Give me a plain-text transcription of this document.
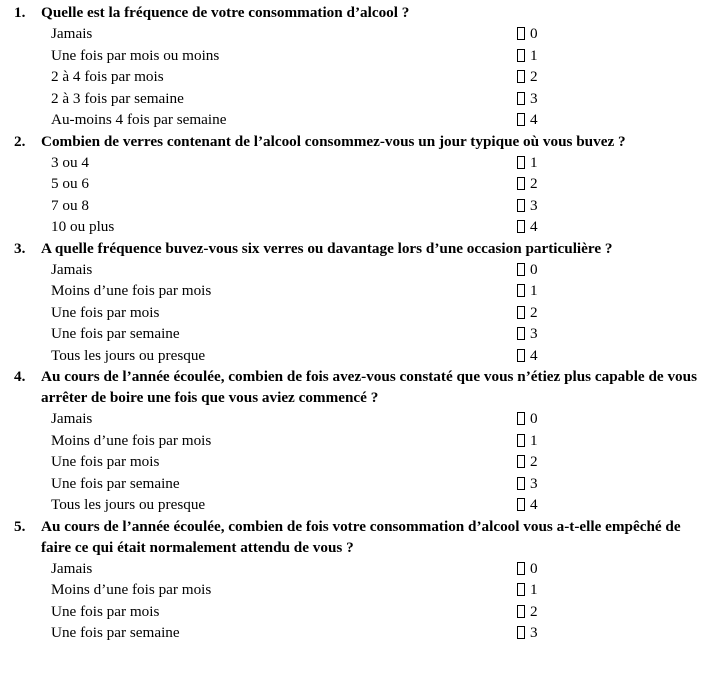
1.	Quelle est la fréquence de votre consommation d’alcool ?
Jamais	0
Une fois par mois ou moins	1
2 à 4 fois par mois	2
2 à 3 fois par semaine	3
Au-moins 4 fois par semaine	4
2.	Combien de verres contenant de l’alcool consommez-vous un jour typique où vous buvez ?
3 ou 4	1
5 ou 6	2
7 ou 8	3
10 ou plus	4
3.	A quelle fréquence buvez-vous six verres ou davantage lors d’une occasion particulière ?
Jamais	0
Moins d’une fois par mois	1
Une fois par mois	2
Une fois par semaine	3
Tous les jours ou presque	4
4.	Au cours de l’année écoulée, combien de fois avez-vous constaté que vous n’étiez plus capable de vous arrêter de boire une fois que vous aviez commencé ?
Jamais	0
Moins d’une fois par mois	1
Une fois par mois	2
Une fois par semaine	3
Tous les jours ou presque	4
5.	Au cours de l’année écoulée, combien de fois votre consommation d’alcool vous a-t-elle empêché de faire ce qui était normalement attendu de vous ?
Jamais	0
Moins d’une fois par mois	1
Une fois par mois	2
Une fois par semaine	3
